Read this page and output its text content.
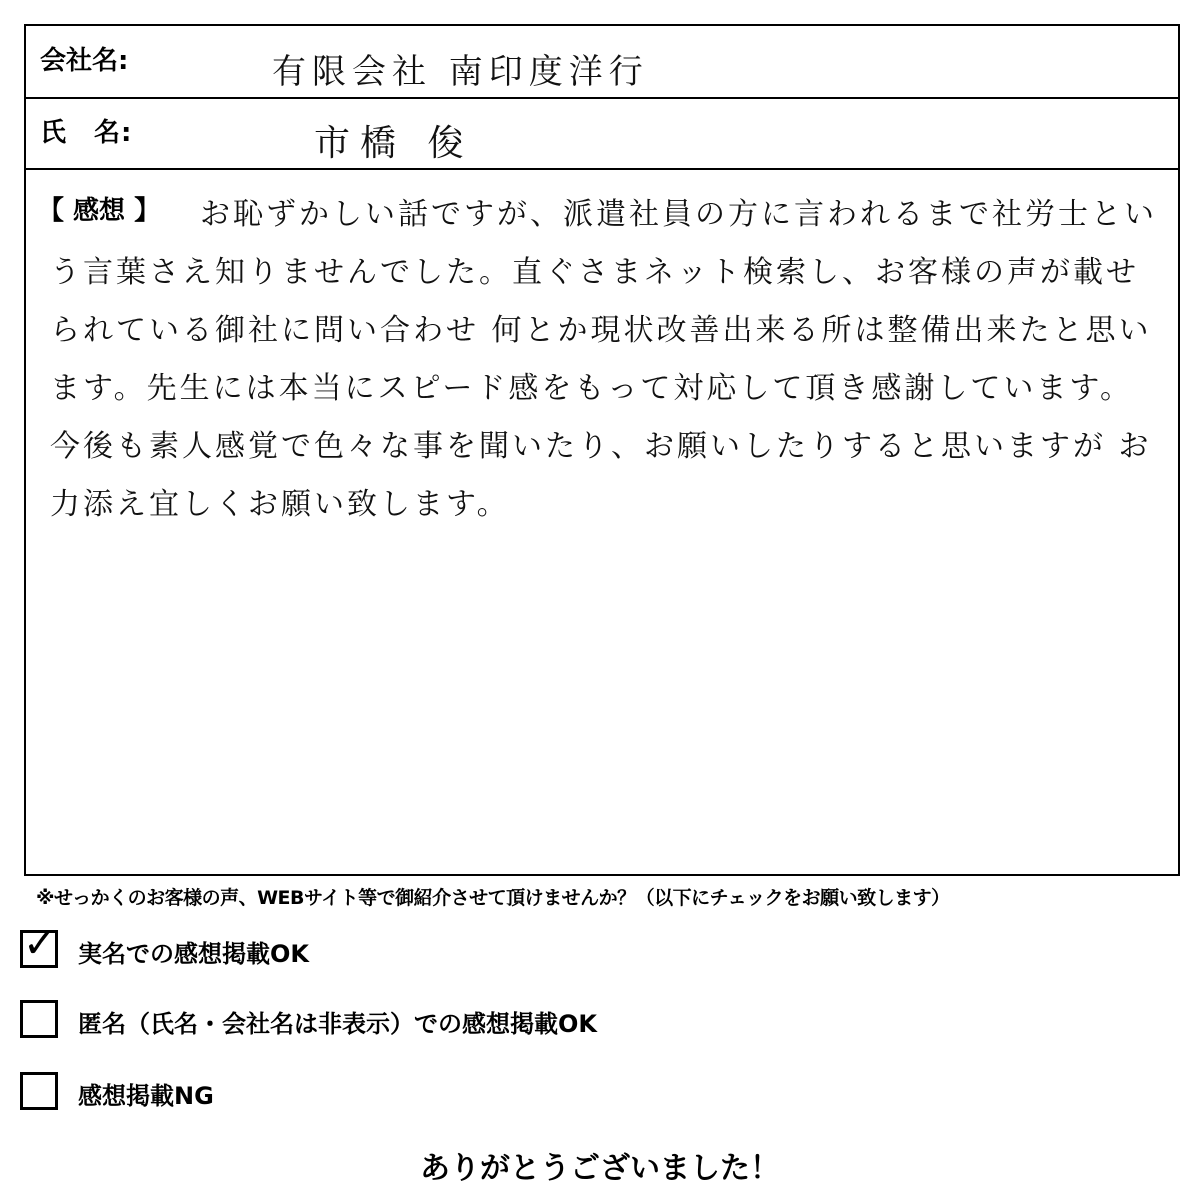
会社名:	有限会社 南印度洋行
氏　名:	市橋 俊
【 感想 】	お恥ずかしい話ですが、派遣社員の方に言われるまで社労士という言葉さえ知りませんでした。直ぐさまネット検索し、お客様の声が載せられている御社に問い合わせ 何とか現状改善出来る所は整備出来たと思います。先生には本当にスピード感をもって対応して頂き感謝しています。今後も素人感覚で色々な事を聞いたり、お願いしたりすると思いますが お力添え宜しくお願い致します。
※せっかくのお客様の声、WEBサイト等で御紹介させて頂けませんか？（以下にチェックをお願い致します）
✓ 実名での感想掲載OK
匿名（氏名・会社名は非表示）での感想掲載OK
感想掲載NG
ありがとうございました！
